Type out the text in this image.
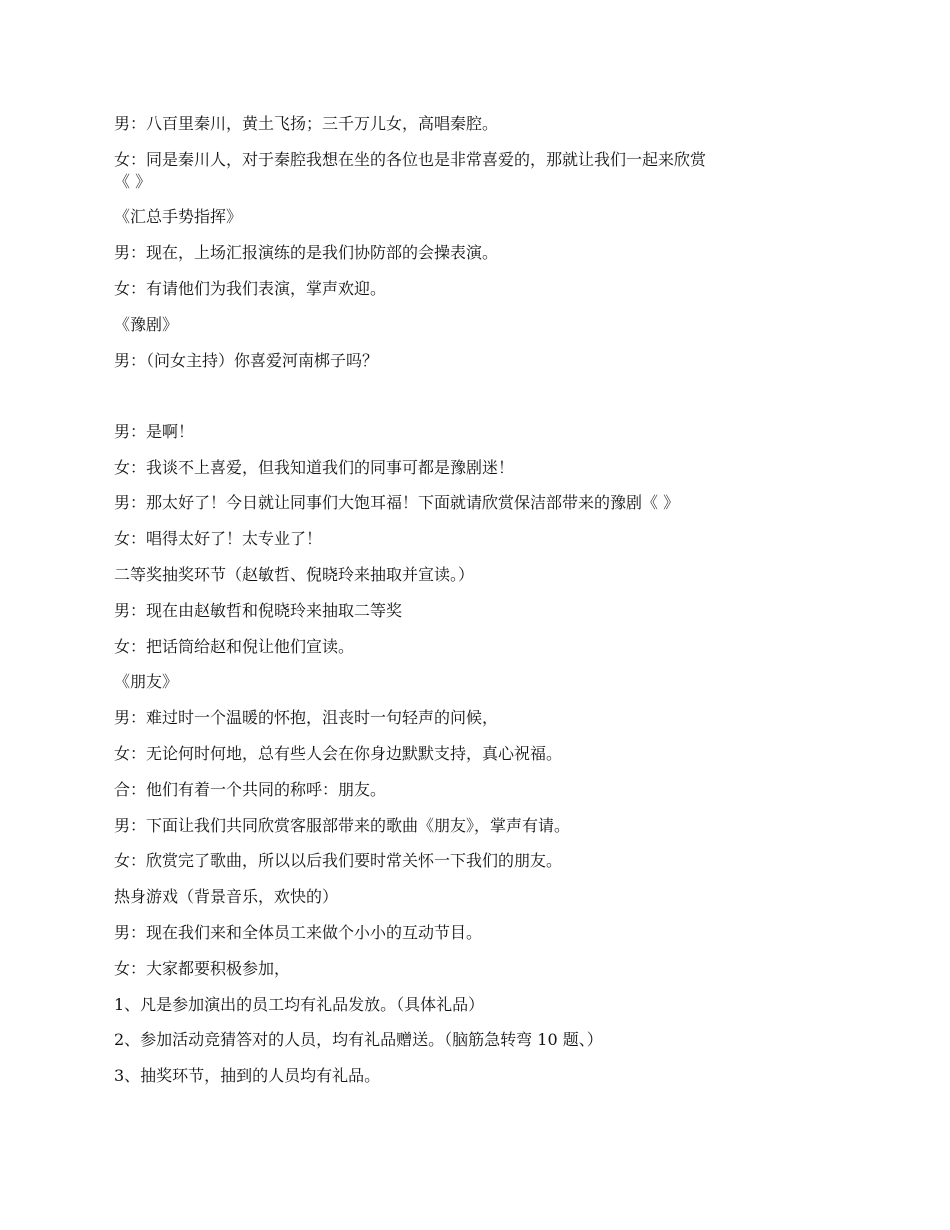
男：八百里秦川，黄土飞扬；三千万儿女，高唱秦腔。
女：同是秦川人，对于秦腔我想在坐的各位也是非常喜爱的，那就让我们一起来欣赏
《 》
《汇总手势指挥》
男：现在，上场汇报演练的是我们协防部的会操表演。
女：有请他们为我们表演，掌声欢迎。
《豫剧》
男：（问女主持）你喜爱河南梆子吗？
男：是啊！
女：我谈不上喜爱，但我知道我们的同事可都是豫剧迷！
男：那太好了！今日就让同事们大饱耳福！下面就请欣赏保洁部带来的豫剧《 》
女：唱得太好了！太专业了！
二等奖抽奖环节（赵敏哲、倪晓玲来抽取并宣读。）
男：现在由赵敏哲和倪晓玲来抽取二等奖
女：把话筒给赵和倪让他们宣读。
《朋友》
男：难过时一个温暖的怀抱，沮丧时一句轻声的问候，
女：无论何时何地，总有些人会在你身边默默支持，真心祝福。
合：他们有着一个共同的称呼：朋友。
男：下面让我们共同欣赏客服部带来的歌曲《朋友》，掌声有请。
女：欣赏完了歌曲，所以以后我们要时常关怀一下我们的朋友。
热身游戏（背景音乐，欢快的）
男：现在我们来和全体员工来做个小小的互动节目。
女：大家都要积极参加，
1、凡是参加演出的员工均有礼品发放。（具体礼品）
2、参加活动竞猜答对的人员，均有礼品赠送。（脑筋急转弯 10 题、）
3、抽奖环节，抽到的人员均有礼品。
